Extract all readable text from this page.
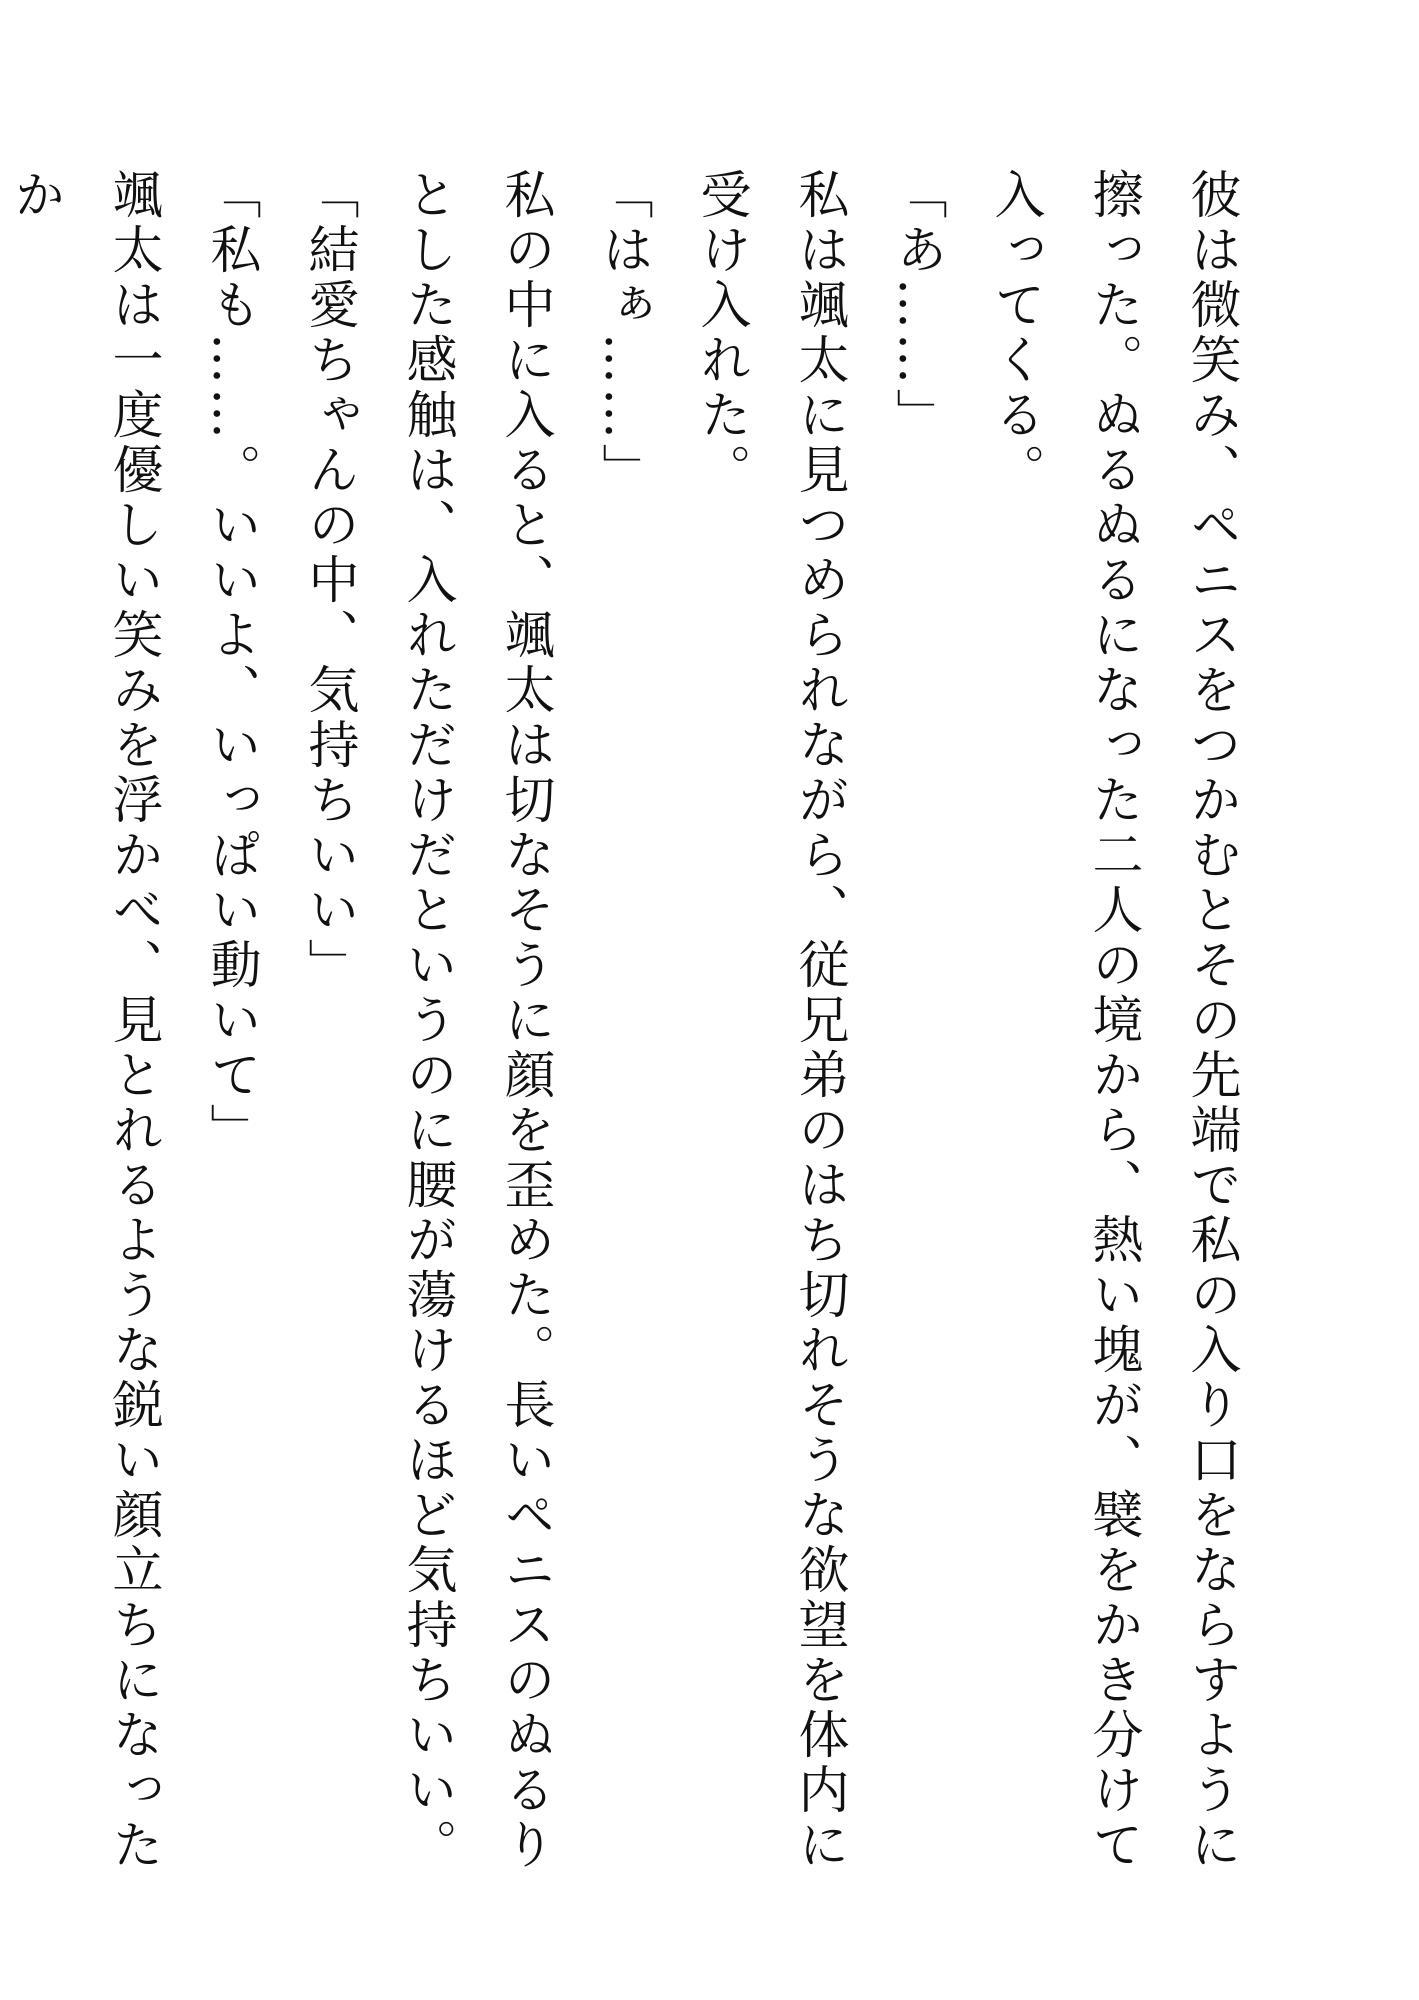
彼は微笑み、ペニスをつかむとその先端で私の入り口をならすように擦った。ぬるぬるになった二人の境から、熱い塊が、襞をかき分けて入ってくる。

「あ……」

私は颯太に見つめられながら、従兄弟のはち切れそうな欲望を体内に受け入れた。

「はぁ……」

私の中に入ると、颯太は切なそうに顔を歪めた。長いペニスのぬるりとした感触は、入れただけだというのに腰が蕩けるほど気持ちいい。

「結愛ちゃんの中、気持ちいい」

「私も……。いいよ、いっぱい動いて」

颯太は一度優しい笑みを浮かべ、見とれるような鋭い顔立ちになったか
